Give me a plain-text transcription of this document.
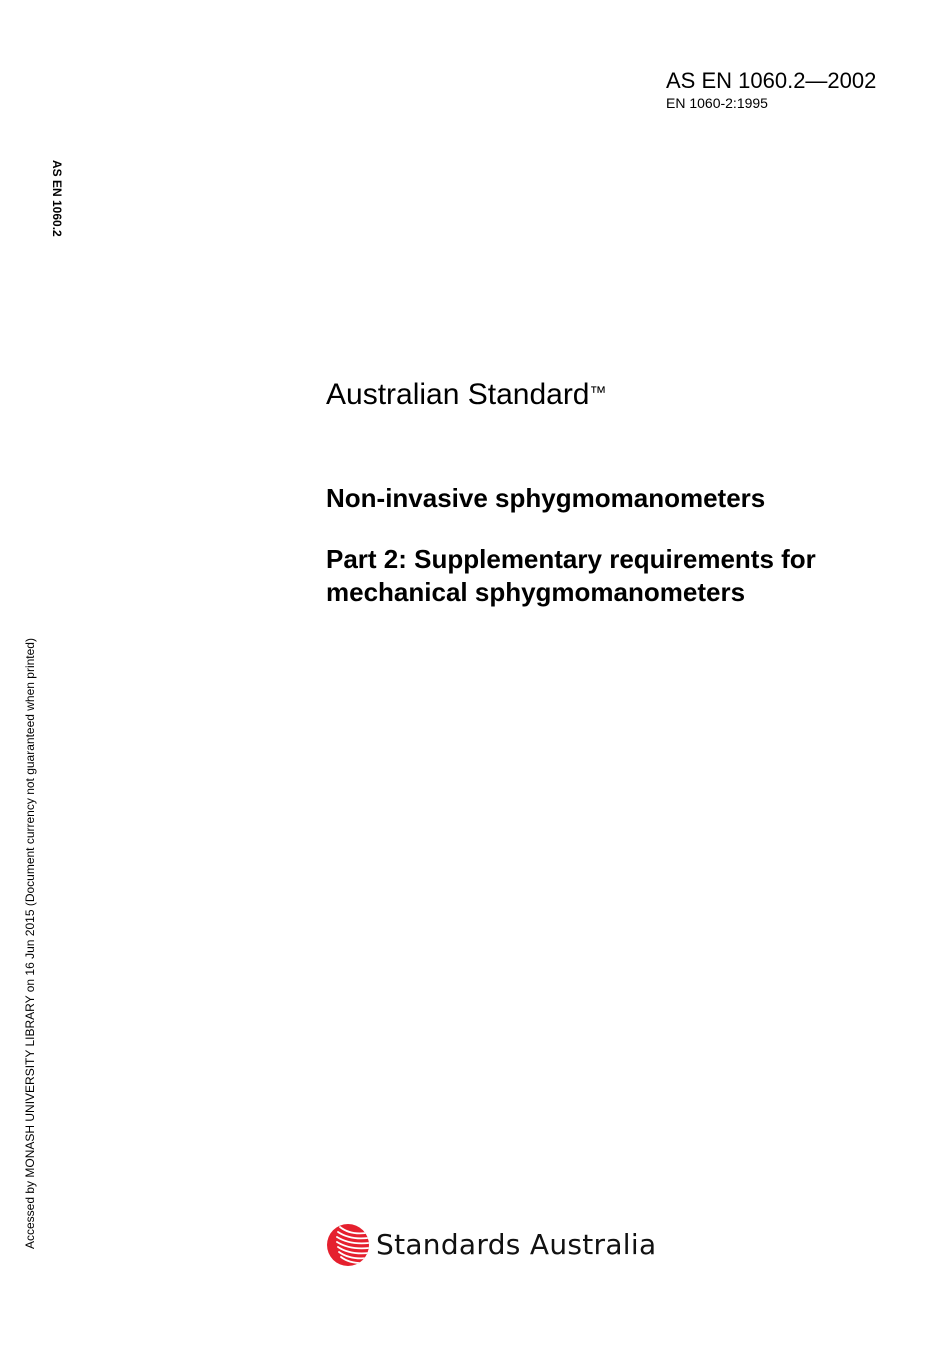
AS EN 1060.2—2002
EN 1060-2:1995
AS EN 1060.2
Accessed by MONASH UNIVERSITY LIBRARY on 16 Jun 2015 (Document currency not guaranteed when printed)
Australian Standard™
Non-invasive sphygmomanometers
Part 2: Supplementary requirements for
mechanical sphygmomanometers
Standards Australia
